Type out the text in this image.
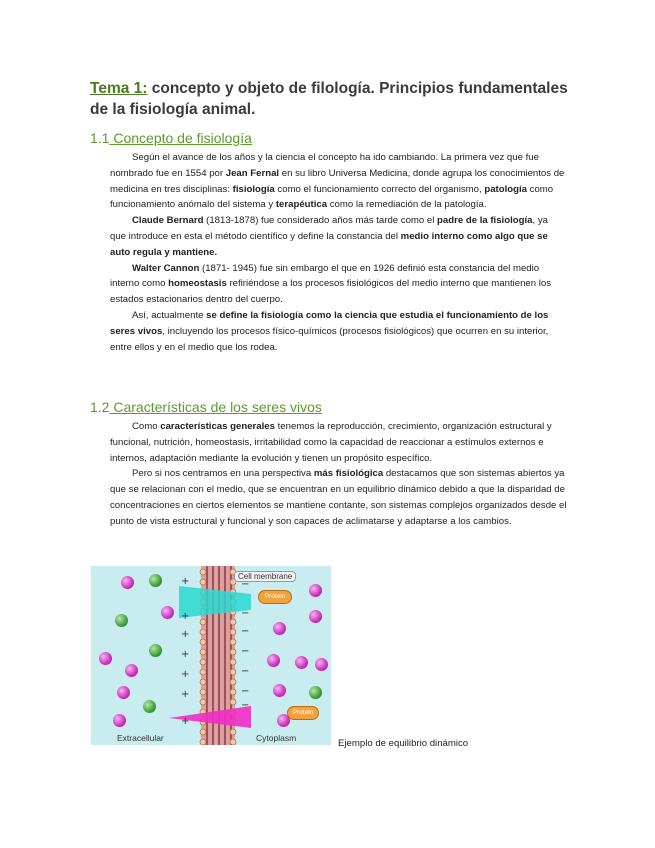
Tema 1: concepto y objeto de filología. Principios fundamentales de la fisiología animal.
1.1 Concepto de fisiología

Según el avance de los años y la ciencia el concepto ha ido cambiando. La primera vez que fue nombrado fue en 1554 por Jean Fernal en su libro Universa Medicina, donde agrupa los conocimientos de medicina en tres disciplinas: fisiología como el funcionamiento correcto del organismo, patología como funcionamiento anómalo del sistema y terapéutica como la remediación de la patología.

Claude Bernard (1813-1878) fue considerado años más tarde como el padre de la fisiología, ya que introduce en esta el método científico y define la constancia del medio interno como algo que se auto regula y mantiene.

Walter Cannon (1871- 1945) fue sin embargo el que en 1926 definió esta constancia del medio interno como homeostasis refiriéndose a los procesos fisiológicos del medio interno que mantienen los estados estacionarios dentro del cuerpo.

Así, actualmente se define la fisiología como la ciencia que estudia el funcionamiento de los seres vivos, incluyendo los procesos físico-químicos (procesos fisiológicos) que ocurren en su interior, entre ellos y en el medio que los rodea.

1.2 Características de los seres vivos

Como características generales tenemos la reproducción, crecimiento, organización estructural y funcional, nutrición, homeostasis, irritabilidad como la capacidad de reaccionar a estímulos externos e internos, adaptación mediante la evolución y tienen un propósito específico.

Pero si nos centramos en una perspectiva más fisiológica destacamos que son sistemas abiertos ya que se relacionan con el medio, que se encuentran en un equilibrio dinámico debido a que la disparidad de concentraciones en ciertos elementos se mantiene contante, son sistemas complejos organizados desde el punto de vista estructural y funcional y son capaces de aclimatarse y adaptarse a los cambios.

Cell membrane
Protein
Protein
+
+
+
+
+
+
+
−
−
−
−
−
−
−
Extracellular	Cytoplasm	Ejemplo de equilibrio dinámico
